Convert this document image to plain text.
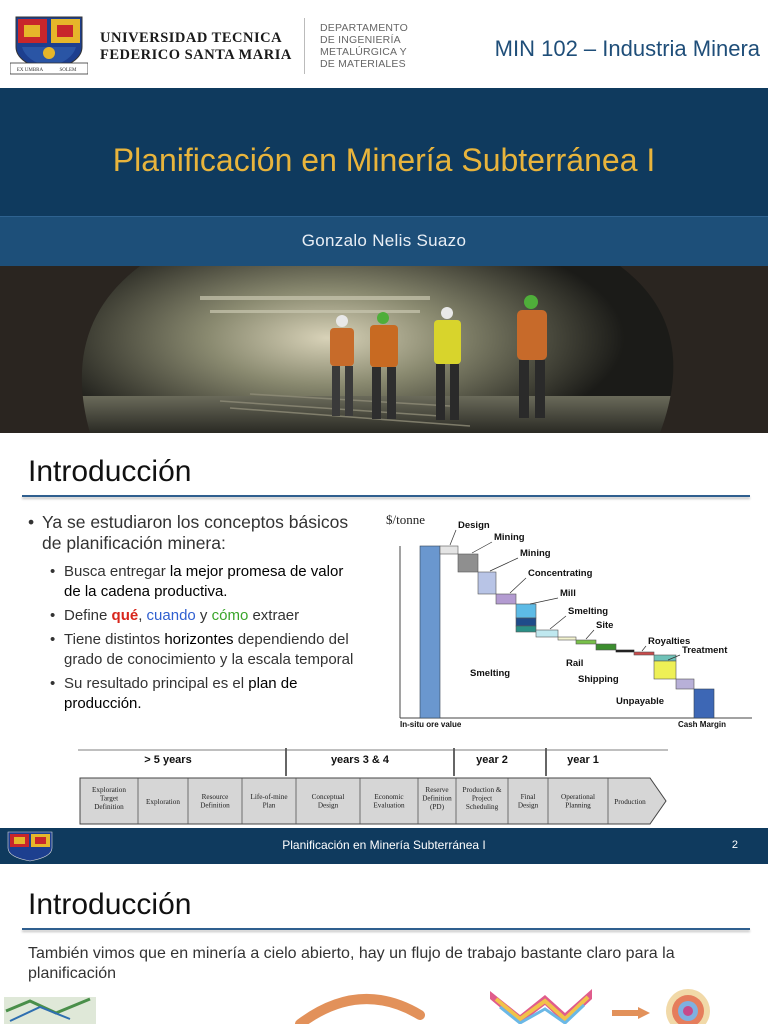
EX UMBRA	SOLEM
UNIVERSIDAD TECNICA
FEDERICO SANTA MARIA
DEPARTAMENTO
DE INGENIERÍA
METALÚRGICA Y
DE MATERIALES
MIN 102 – Industria Minera
Planificación en Minería Subterránea I
Gonzalo Nelis Suazo
Introducción
• Ya se estudiaron los conceptos básicos de planificación minera:
• Busca entregar la mejor promesa de valor de la cadena productiva.
• Define qué, cuando y cómo extraer
• Tiene distintos horizontes dependiendo del grado de conocimiento y la escala temporal
• Su resultado principal es el plan de producción.
$/tonne	Design
Mining
Mining
Concentrating
Mill
Smelting
Site
Royalties
Treatment
Smelting
Rail
Shipping
Unpayable
In-situ ore value	Cash Margin
> 5 years	years 3 & 4	year 2	year 1
Exploration Target Definition
Exploration
Resource Definition
Life-of-mine Plan
Conceptual Design
Economic Evaluation
Reserve Definition (PD)
Production & Project Scheduling
Final Design
Operational Planning	Production
Planificación en Minería Subterránea I	2
Introducción
También vimos que en minería a cielo abierto, hay un flujo de trabajo bastante claro para la planificación
